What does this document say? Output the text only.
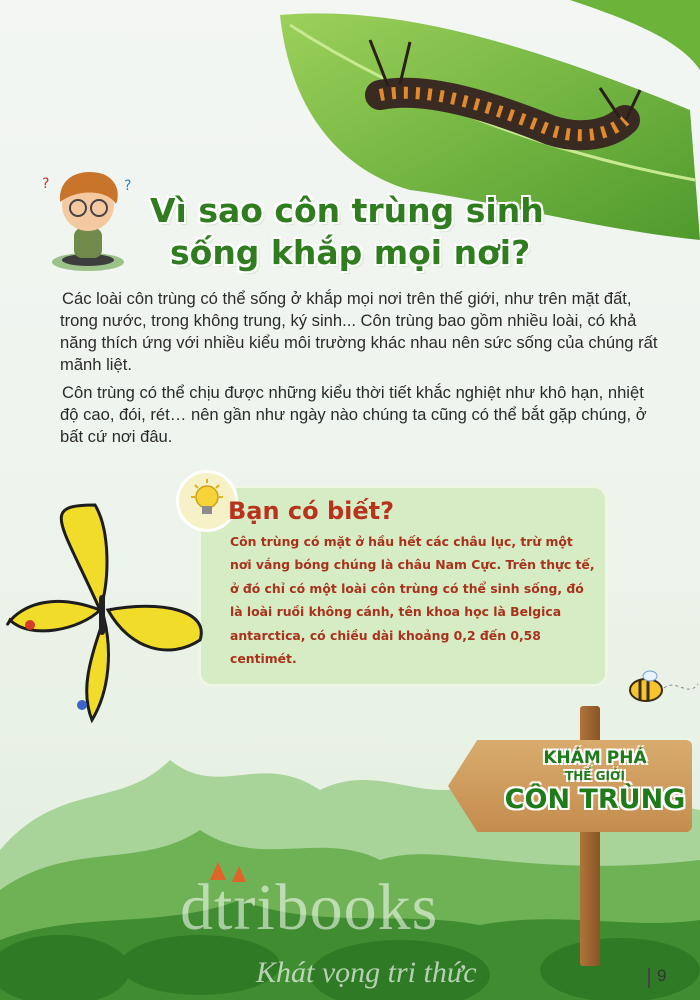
?	?
Vì sao côn trùng sinh
sống khắp mọi nơi?

Các loài côn trùng có thể sống ở khắp mọi nơi trên thế giới, như trên mặt đất, trong nước, trong không trung, ký sinh... Côn trùng bao gồm nhiều loài, có khả năng thích ứng với nhiều kiểu môi trường khác nhau nên sức sống của chúng rất mãnh liệt.

Côn trùng có thể chịu được những kiểu thời tiết khắc nghiệt như khô hạn, nhiệt độ cao, đói, rét… nên gần như ngày nào chúng ta cũng có thể bắt gặp chúng, ở bất cứ nơi đâu.

Bạn có biết?
Côn trùng có mặt ở hầu hết các châu lục, trừ một nơi vắng bóng chúng là châu Nam Cực. Trên thực tế, ở đó chỉ có một loài côn trùng có thể sinh sống, đó là loài ruồi không cánh, tên khoa học là Belgica antarctica, có chiều dài khoảng 0,2 đến 0,58 centimét.
KHÁM PHÁ
THẾ GIỚI
CÔN TRÙNG
dtribooks
Khát vọng tri thức	9
